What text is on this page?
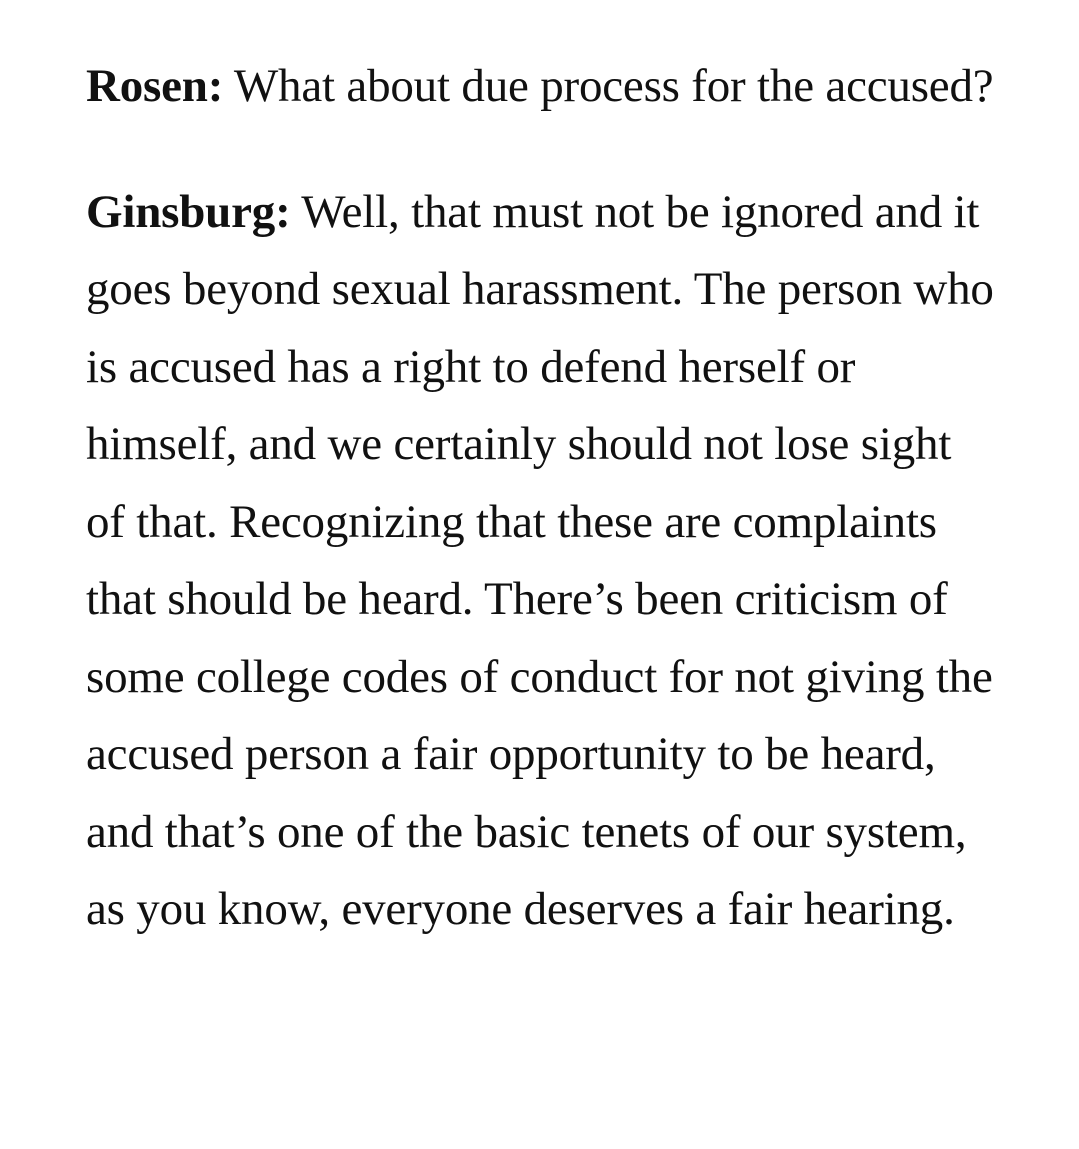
Rosen: What about due process for the accused?

Ginsburg: Well, that must not be ignored and it goes beyond sexual harassment. The person who is accused has a right to defend herself or himself, and we certainly should not lose sight of that. Recognizing that these are complaints that should be heard. There’s been criticism of some college codes of conduct for not giving the accused person a fair opportunity to be heard, and that’s one of the basic tenets of our system, as you know, everyone deserves a fair hearing.
